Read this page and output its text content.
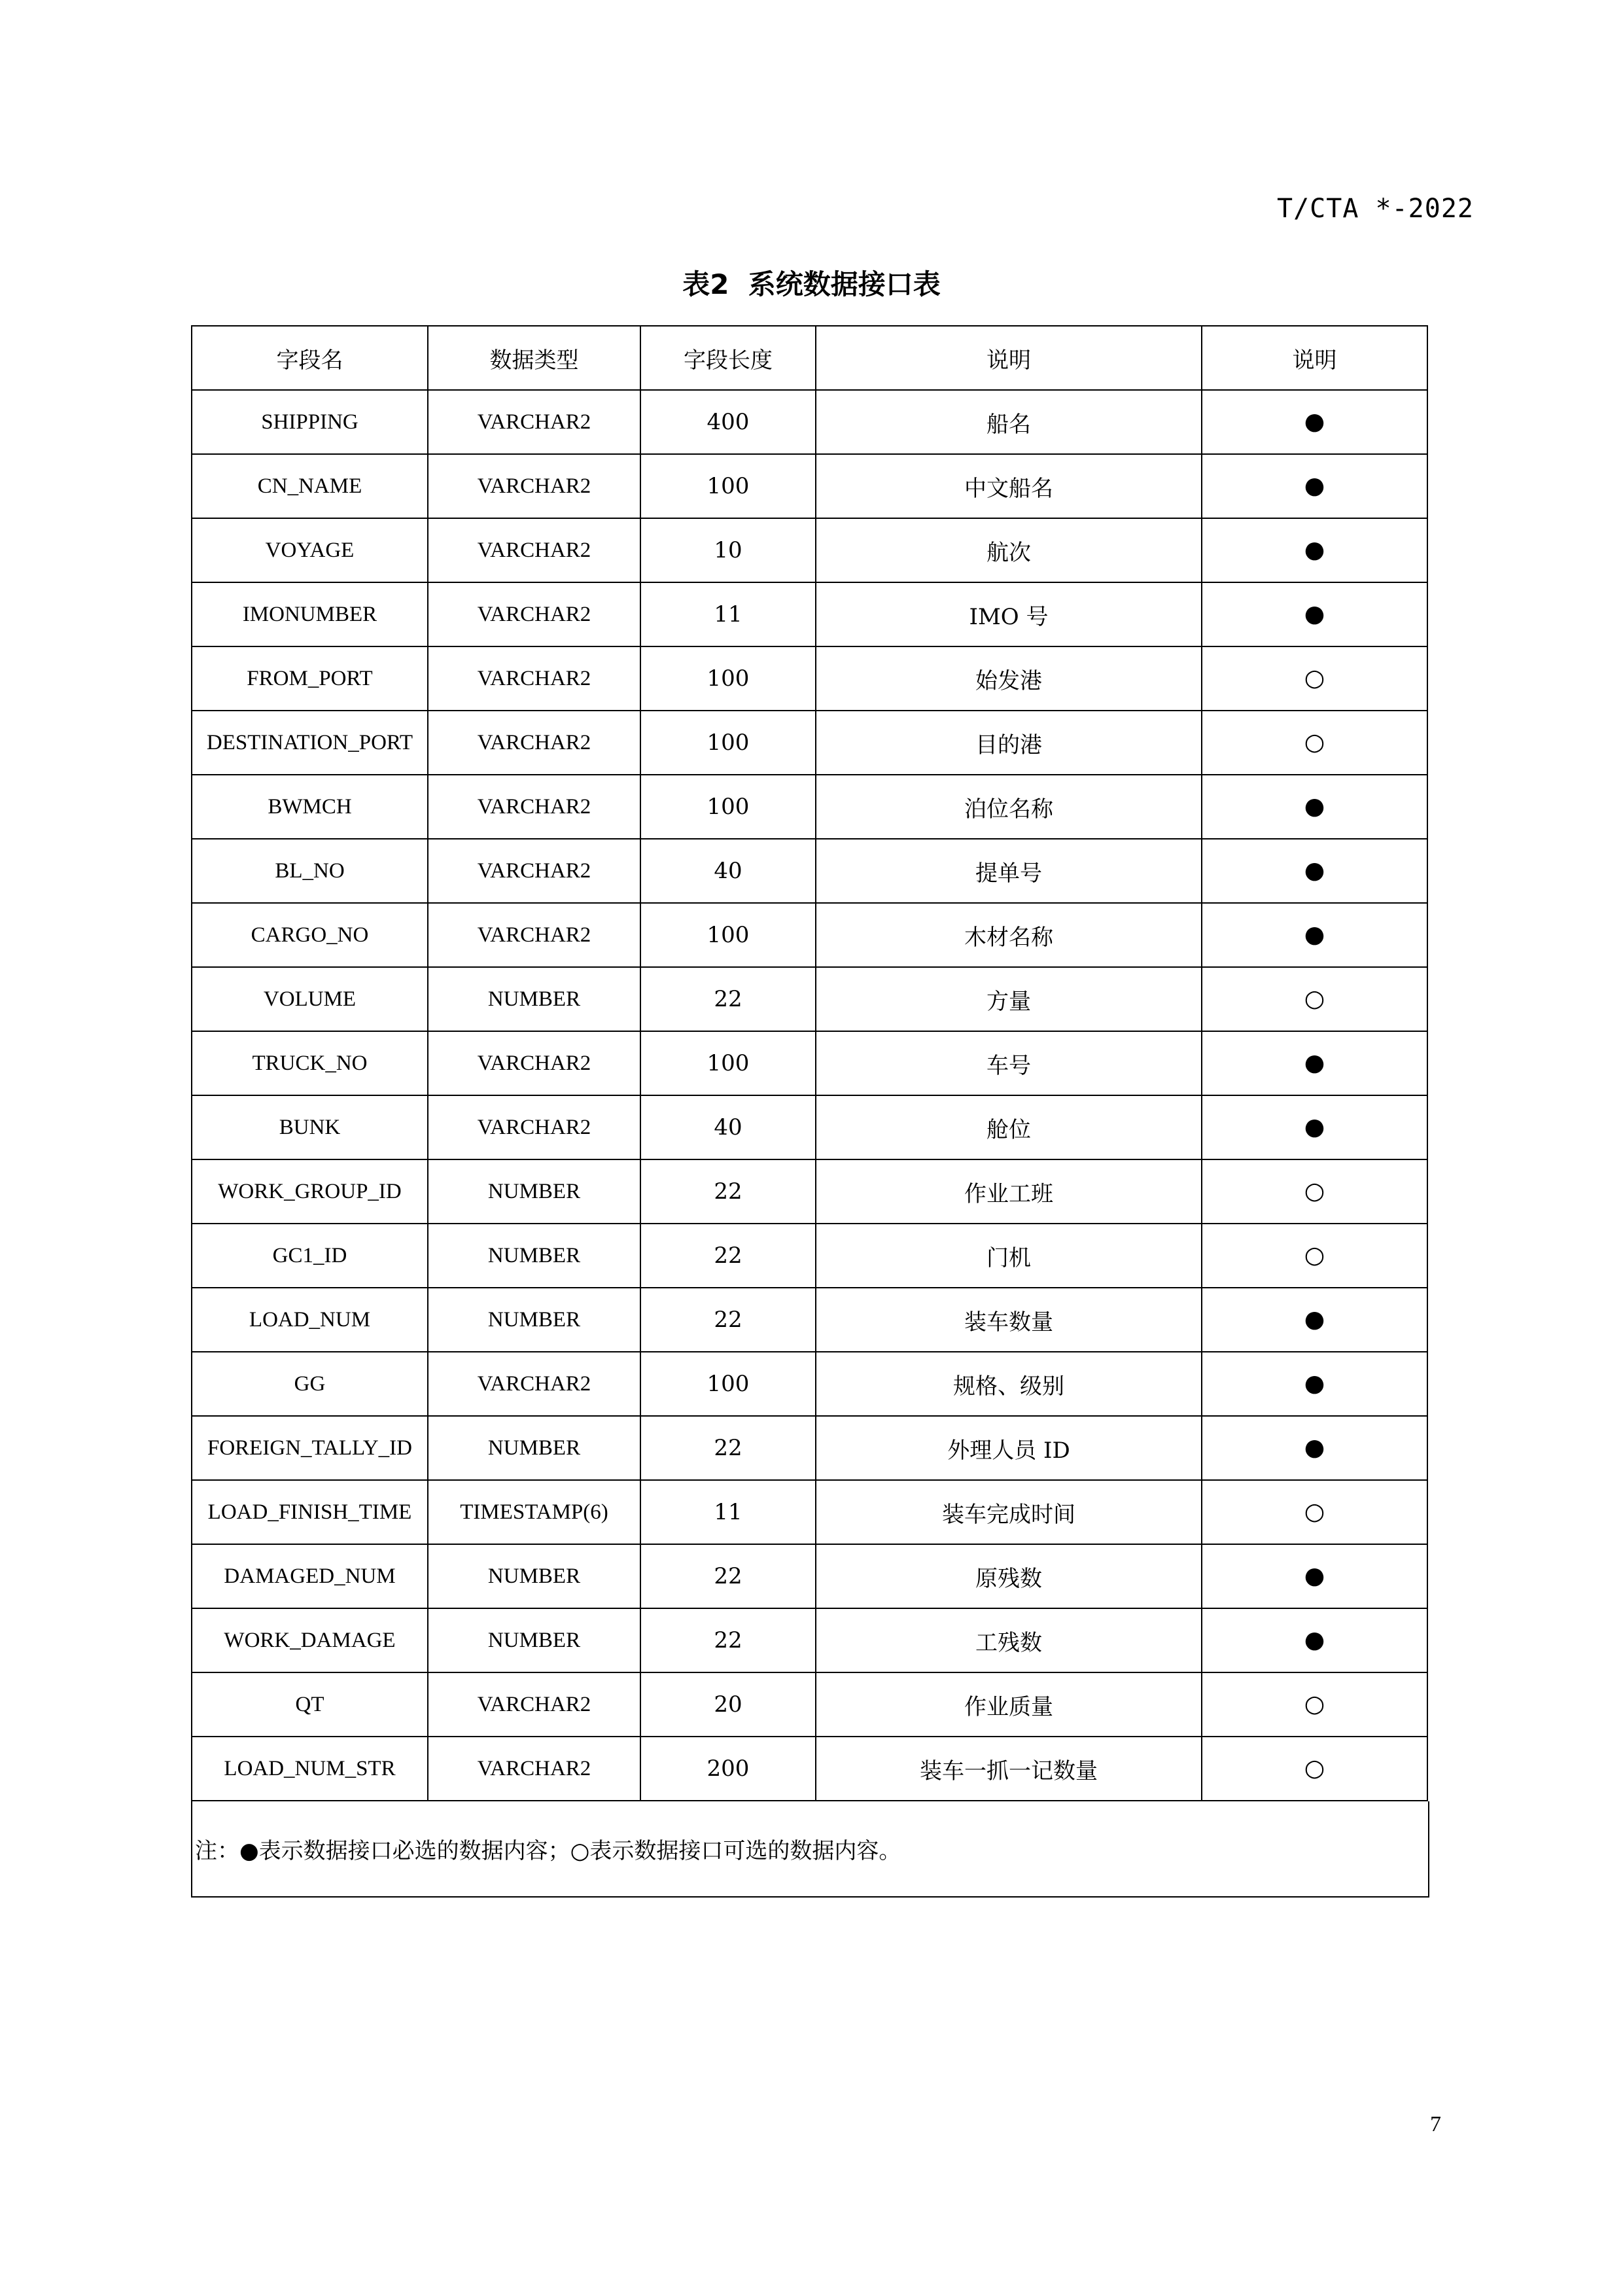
T/CTA *-2022
表2  系统数据接口表
字段名	数据类型	字段长度	说明	说明
SHIPPING	VARCHAR2	400	船名	●
CN_NAME	VARCHAR2	100	中文船名	●
VOYAGE	VARCHAR2	10	航次	●
IMONUMBER	VARCHAR2	11	IMO 号	●
FROM_PORT	VARCHAR2	100	始发港	○
DESTINATION_PORT	VARCHAR2	100	目的港	○
BWMCH	VARCHAR2	100	泊位名称	●
BL_NO	VARCHAR2	40	提单号	●
CARGO_NO	VARCHAR2	100	木材名称	●
VOLUME	NUMBER	22	方量	○
TRUCK_NO	VARCHAR2	100	车号	●
BUNK	VARCHAR2	40	舱位	●
WORK_GROUP_ID	NUMBER	22	作业工班	○
GC1_ID	NUMBER	22	门机	○
LOAD_NUM	NUMBER	22	装车数量	●
GG	VARCHAR2	100	规格、级别	●
FOREIGN_TALLY_ID	NUMBER	22	外理人员 ID	●
LOAD_FINISH_TIME	TIMESTAMP(6)	11	装车完成时间	○
DAMAGED_NUM	NUMBER	22	原残数	●
WORK_DAMAGE	NUMBER	22	工残数	●
QT	VARCHAR2	20	作业质量	○
LOAD_NUM_STR	VARCHAR2	200	装车一抓一记数量	○
注：●表示数据接口必选的数据内容；○表示数据接口可选的数据内容。
7
